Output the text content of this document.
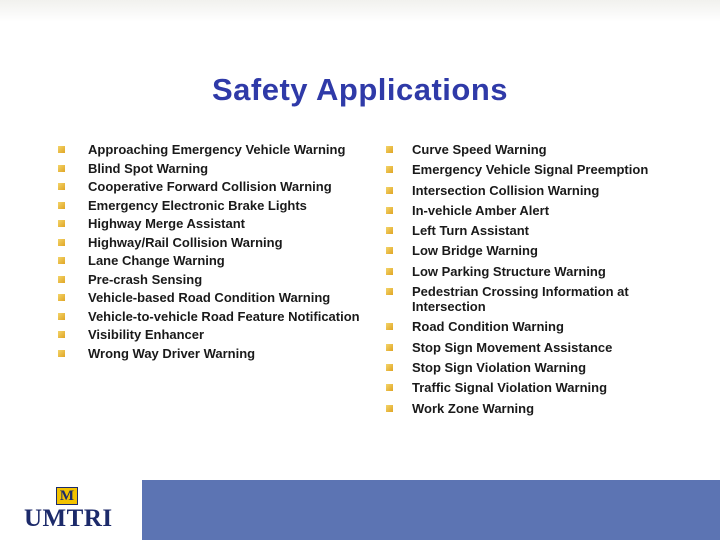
Safety Applications
Approaching Emergency Vehicle Warning
Blind Spot Warning
Cooperative Forward Collision Warning
Emergency Electronic Brake Lights
Highway Merge Assistant
Highway/Rail Collision Warning
Lane Change Warning
Pre-crash Sensing
Vehicle-based Road Condition Warning
Vehicle-to-vehicle Road Feature Notification
Visibility Enhancer
Wrong Way Driver Warning
Curve Speed Warning
Emergency Vehicle Signal Preemption
Intersection Collision Warning
In-vehicle Amber Alert
Left Turn Assistant
Low Bridge Warning
Low Parking Structure Warning
Pedestrian Crossing Information at Intersection
Road Condition Warning
Stop Sign Movement Assistance
Stop Sign Violation Warning
Traffic Signal Violation Warning
Work Zone Warning
M
UMTRI
